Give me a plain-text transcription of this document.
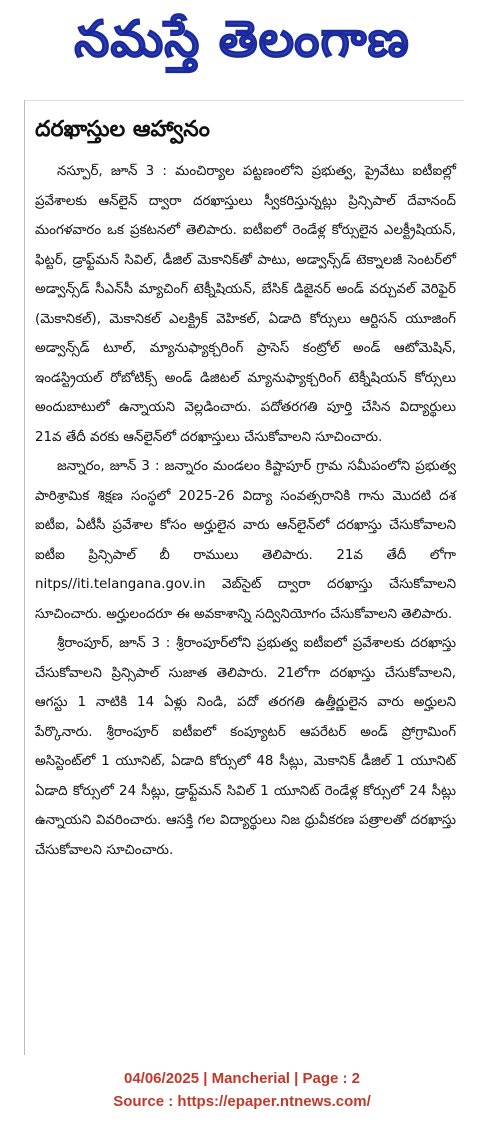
నమస్తే తెలంగాణ
దరఖాస్తుల ఆహ్వానం

నస్పూర్, జూన్ 3 : మంచిర్యాల పట్టణంలోని ప్రభుత్వ, ప్రైవేటు ఐటీఐల్లో ప్రవేశాలకు ఆన్‌లైన్ ద్వారా దరఖాస్తులు స్వీకరిస్తున్నట్లు ప్రిన్సిపాల్ దేవానంద్ మంగళవారం ఒక ప్రకటనలో తెలిపారు. ఐటీఐలో రెండేళ్ల కోర్సులైన ఎలక్ట్రీషియన్, ఫిట్టర్, డ్రాఫ్ట్‌మన్ సివిల్, డీజిల్ మెకానిక్‌తో పాటు, అడ్వాన్స్‌డ్ టెక్నాలజీ సెంటర్‌లో అడ్వాన్స్‌డ్ సీఎన్‌సీ మ్యాచింగ్ టెక్నీషియన్, బేసిక్ డిజైనర్ అండ్ వర్చువల్ వెరిఫైర్ (మెకానికల్), మెకానికల్ ఎలక్ట్రిక్ వెహికల్, ఏడాది కోర్సులు ఆర్టిసన్ యూజింగ్ అడ్వాన్స్‌డ్ టూల్, మ్యానుఫ్యాక్చరింగ్ ప్రాసెస్ కంట్రోల్ అండ్ ఆటోమెషిన్, ఇండస్ట్రియల్ రోబోటిక్స్ అండ్ డిజిటల్ మ్యానుఫ్యాక్చరింగ్ టెక్నీషియన్ కోర్సులు అందుబాటులో ఉన్నాయని వెల్లడించారు. పదోతరగతి పూర్తి చేసిన విద్యార్థులు 21వ తేదీ వరకు ఆన్‌లైన్‌లో దరఖాస్తులు చేసుకోవాలని సూచించారు.

జన్నారం, జూన్ 3 : జన్నారం మండలం కిష్టాపూర్ గ్రామ సమీపంలోని ప్రభుత్వ పారిశ్రామిక శిక్షణ సంస్థలో 2025-26 విద్యా సంవత్సరానికి గాను మొదటి దశ ఐటీఐ, ఏటీసీ ప్రవేశాల కోసం అర్హులైన వారు ఆన్‌లైన్‌లో దరఖాస్తు చేసుకోవాలని ఐటీఐ ప్రిన్సిపాల్ బీ రాములు తెలిపారు. 21వ తేదీ లోగా nitps//iti.telangana.gov.in వెబ్‌సైట్ ద్వారా దరఖాస్తు చేసుకోవాలని సూచించారు. అర్హులందరూ ఈ అవకాశాన్ని సద్వినియోగం చేసుకోవాలని తెలిపారు.

శ్రీరాంపూర్, జూన్ 3 : శ్రీరాంపూర్‌లోని ప్రభుత్వ ఐటీఐలో ప్రవేశాలకు దరఖాస్తు చేసుకోవాలని ప్రిన్సిపాల్ సుజాత తెలిపారు. 21లోగా దరఖాస్తు చేసుకోవాలని, ఆగస్టు 1 నాటికి 14 ఏళ్లు నిండి, పదో తరగతి ఉత్తీర్ణులైన వారు అర్హులని పేర్కొనారు. శ్రీరాంపూర్ ఐటీఐలో కంప్యూటర్ ఆపరేటర్ అండ్ ప్రోగ్రామింగ్ అసిస్టెంట్‌లో 1 యూనిట్, ఏడాది కోర్సులో 48 సీట్లు, మెకానిక్ డీజిల్ 1 యూనిట్ ఏడాది కోర్సులో 24 సీట్లు, డ్రాఫ్ట్‌మన్ సివిల్ 1 యూనిట్ రెండేళ్ల కోర్సులో 24 సీట్లు ఉన్నాయని వివరించారు. ఆసక్తి గల విద్యార్థులు నిజ ధ్రువీకరణ పత్రాలతో దరఖాస్తు చేసుకోవాలని సూచించారు.

04/06/2025 | Mancherial | Page : 2
Source : https://epaper.ntnews.com/
